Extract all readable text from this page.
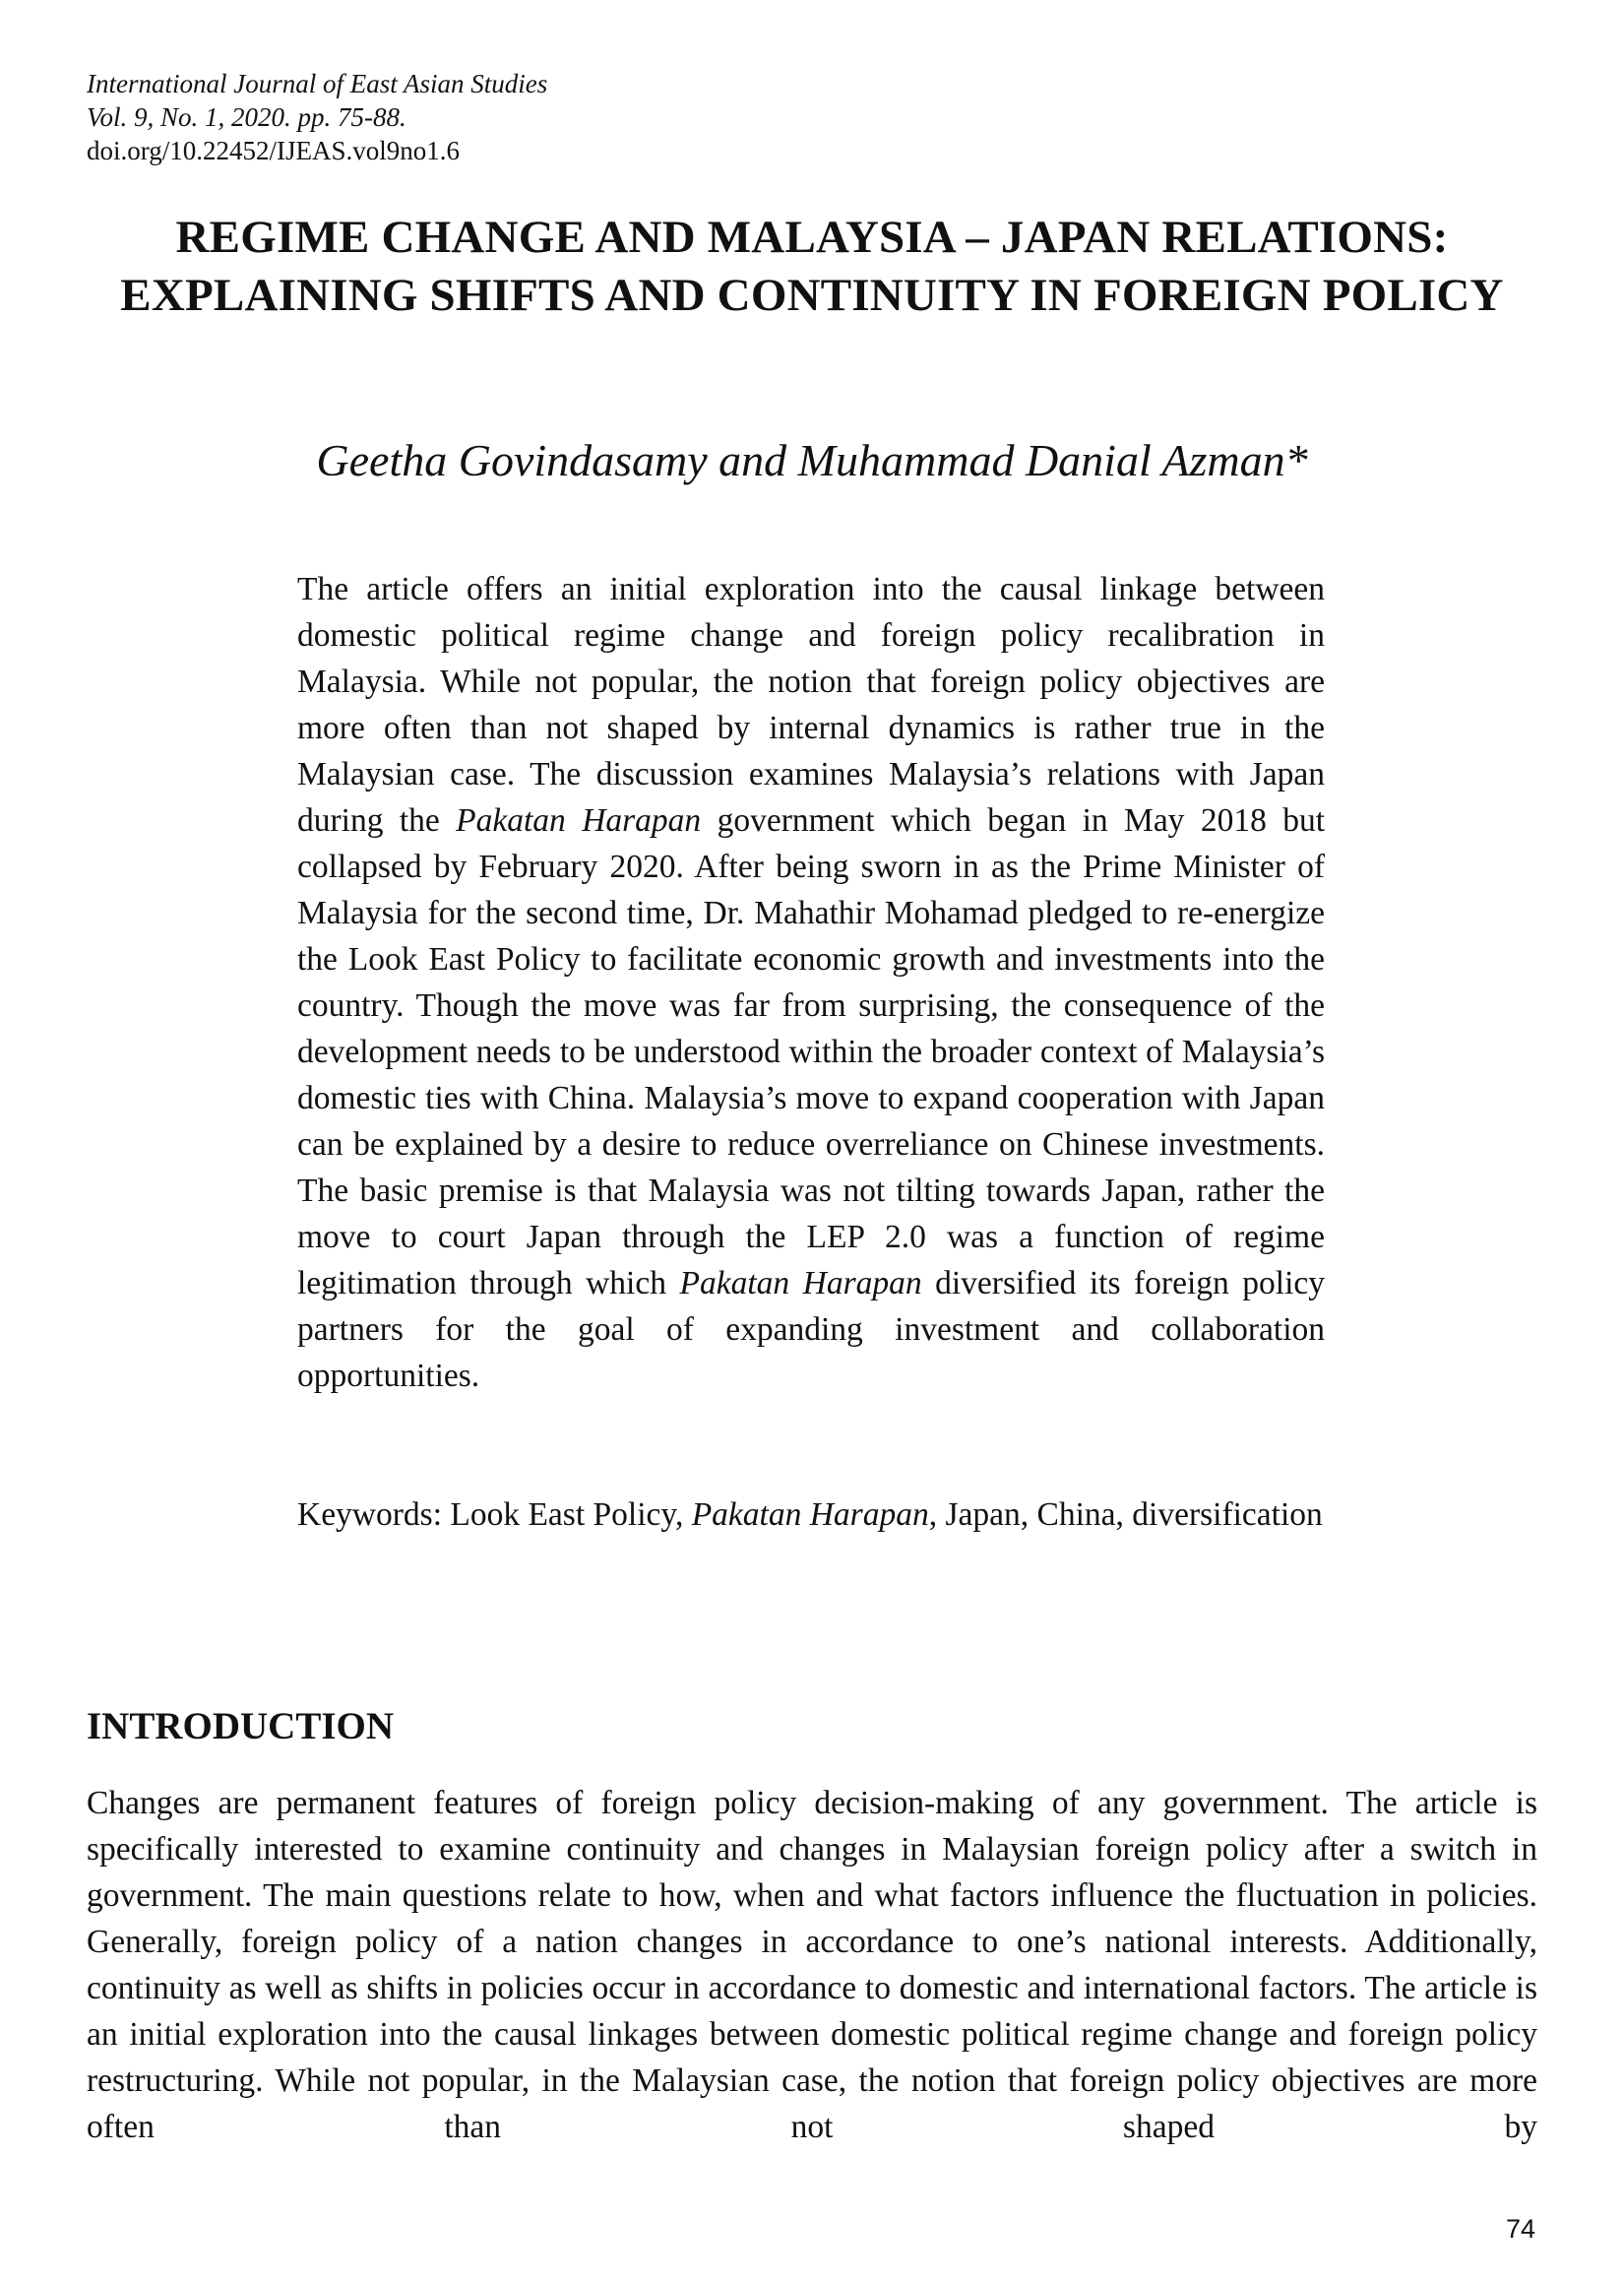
International Journal of East Asian Studies
Vol. 9, No. 1, 2020. pp. 75-88.
doi.org/10.22452/IJEAS.vol9no1.6
REGIME CHANGE AND MALAYSIA – JAPAN RELATIONS: EXPLAINING SHIFTS AND CONTINUITY IN FOREIGN POLICY
Geetha Govindasamy and Muhammad Danial Azman*
The article offers an initial exploration into the causal linkage between domestic political regime change and foreign policy recalibration in Malaysia. While not popular, the notion that foreign policy objectives are more often than not shaped by internal dynamics is rather true in the Malaysian case. The discussion examines Malaysia’s relations with Japan during the Pakatan Harapan government which began in May 2018 but collapsed by February 2020. After being sworn in as the Prime Minister of Malaysia for the second time, Dr. Mahathir Mohamad pledged to re-energize the Look East Policy to facilitate economic growth and investments into the country. Though the move was far from surprising, the consequence of the development needs to be understood within the broader context of Malaysia’s domestic ties with China. Malaysia’s move to expand cooperation with Japan can be explained by a desire to reduce overreliance on Chinese investments. The basic premise is that Malaysia was not tilting towards Japan, rather the move to court Japan through the LEP 2.0 was a function of regime legitimation through which Pakatan Harapan diversified its foreign policy partners for the goal of expanding investment and collaboration opportunities.
Keywords: Look East Policy, Pakatan Harapan, Japan, China, diversification
INTRODUCTION
Changes are permanent features of foreign policy decision-making of any government. The article is specifically interested to examine continuity and changes in Malaysian foreign policy after a switch in government. The main questions relate to how, when and what factors influence the fluctuation in policies. Generally, foreign policy of a nation changes in accordance to one’s national interests. Additionally, continuity as well as shifts in policies occur in accordance to domestic and international factors. The article is an initial exploration into the causal linkages between domestic political regime change and foreign policy restructuring. While not popular, in the Malaysian case, the notion that foreign policy objectives are more often than not shaped by
74
